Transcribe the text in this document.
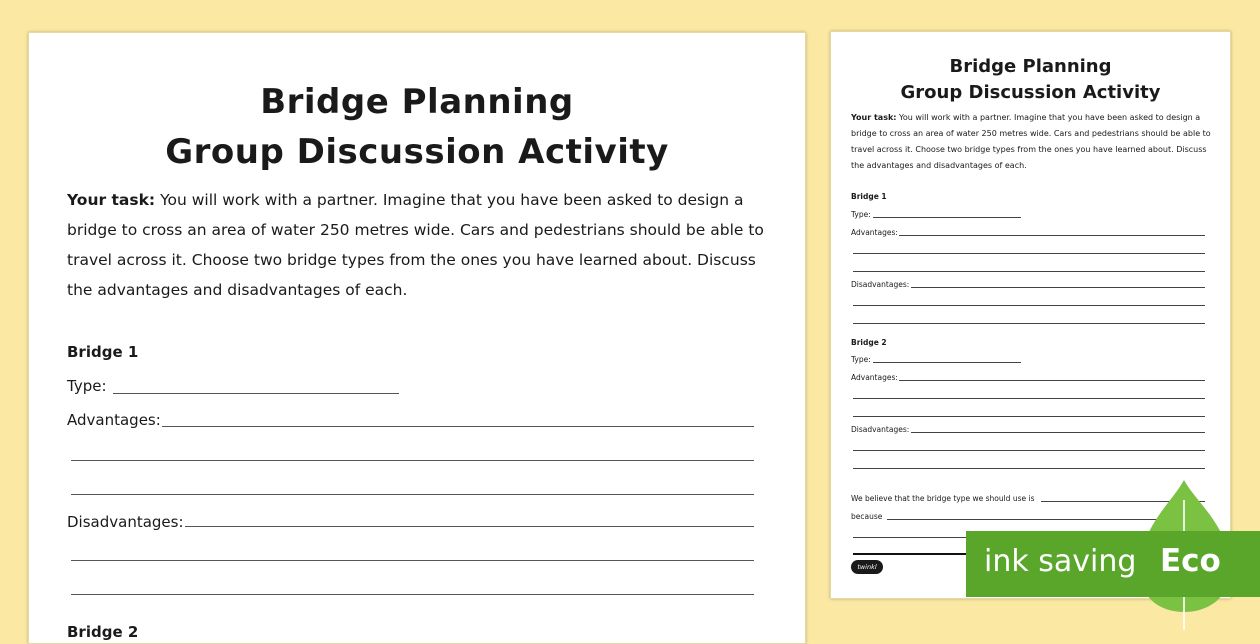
Bridge Planning
Group Discussion Activity

Your task: You will work with a partner. Imagine that you have been asked to design a bridge to cross an area of water 250 metres wide. Cars and pedestrians should be able to travel across it. Choose two bridge types from the ones you have learned about. Discuss the advantages and disadvantages of each.

Bridge 1
Type:
Advantages:
Disadvantages:
Bridge 2
Bridge Planning
Group Discussion Activity

Your task: You will work with a partner. Imagine that you have been asked to design a bridge to cross an area of water 250 metres wide. Cars and pedestrians should be able to travel across it. Choose two bridge types from the ones you have learned about. Discuss the advantages and disadvantages of each.

Bridge 1
Type:
Advantages:
Disadvantages:
Bridge 2
Type:
Advantages:
Disadvantages:
We believe that the bridge type we should use is
because
twinkl	ink saving Eco
